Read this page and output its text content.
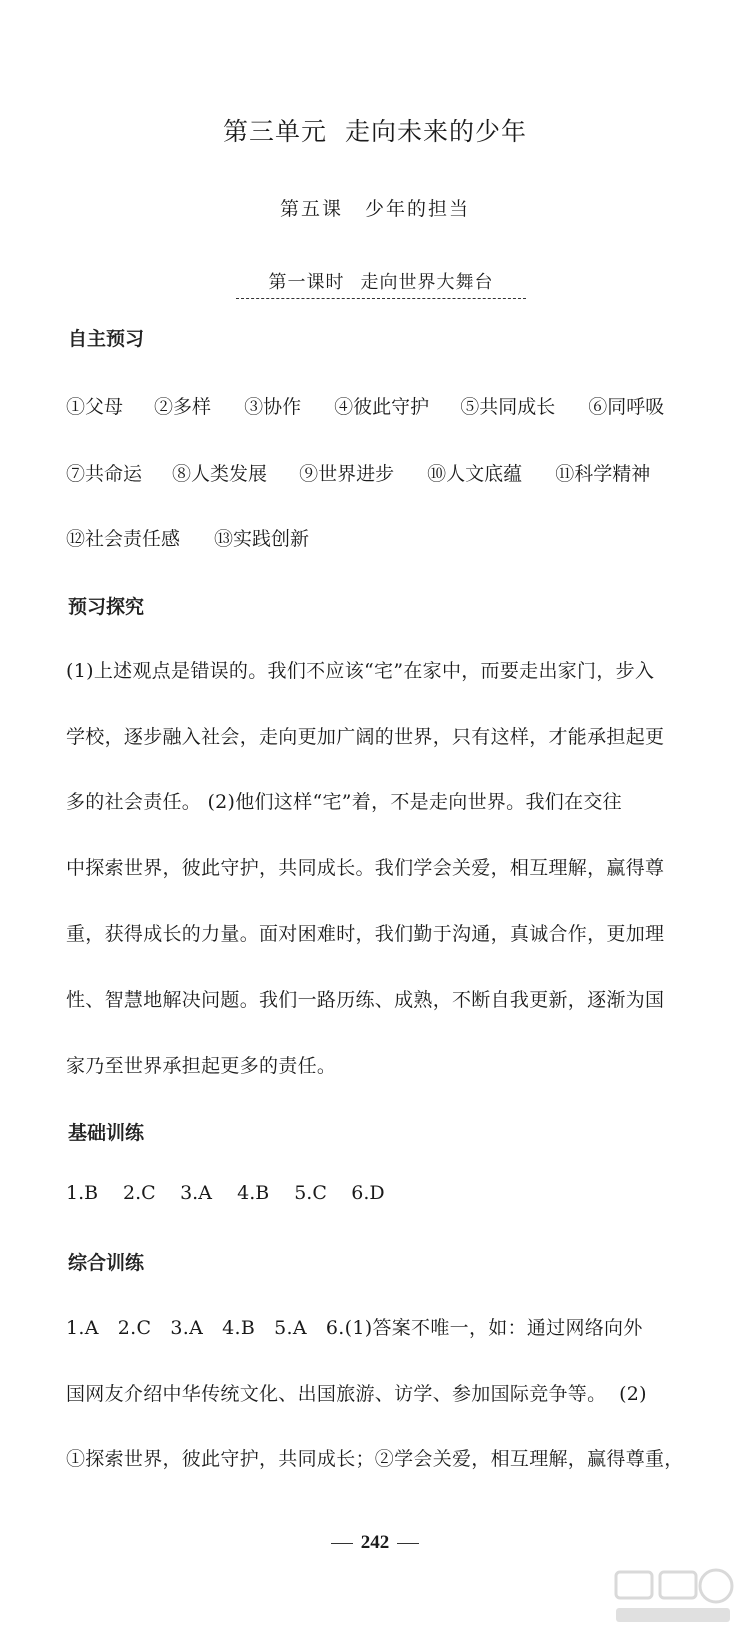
第三单元 走向未来的少年
第五课 少年的担当
第一课时 走向世界大舞台
自主预习
①父母 ②多样 ③协作 ④彼此守护 ⑤共同成长 ⑥同呼吸
⑦共命运 ⑧人类发展 ⑨世界进步 ⑩人文底蕴 ⑪科学精神
⑫社会责任感 ⑬实践创新
预习探究
(1)上述观点是错误的。我们不应该“宅”在家中，而要走出家门，步入
学校，逐步融入社会，走向更加广阔的世界，只有这样，才能承担起更
多的社会责任。 (2)他们这样“宅”着，不是走向世界。我们在交往
中探索世界，彼此守护，共同成长。我们学会关爱，相互理解，赢得尊
重，获得成长的力量。面对困难时，我们勤于沟通，真诚合作，更加理
性、智慧地解决问题。我们一路历练、成熟，不断自我更新，逐渐为国
家乃至世界承担起更多的责任。
基础训练
1.B 2.C 3.A 4.B 5.C 6.D
综合训练
1.A   2.C   3.A   4.B   5.A   6.(1)答案不唯一，如：通过网络向外
国网友介绍中华传统文化、出国旅游、访学、参加国际竞争等。  (2)
①探索世界，彼此守护，共同成长；②学会关爱，相互理解，赢得尊重，
242
